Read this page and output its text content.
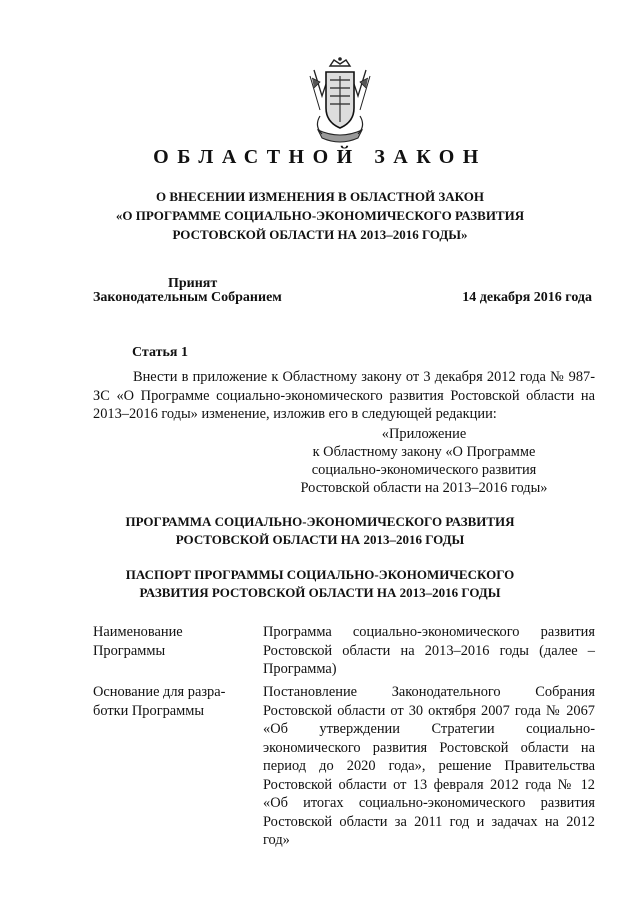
ОБЛАСТНОЙ ЗАКОН
О ВНЕСЕНИИ ИЗМЕНЕНИЯ В ОБЛАСТНОЙ ЗАКОН
«О ПРОГРАММЕ СОЦИАЛЬНО-ЭКОНОМИЧЕСКОГО РАЗВИТИЯ
РОСТОВСКОЙ ОБЛАСТИ НА 2013–2016 ГОДЫ»
Принят
Законодательным Собранием	14 декабря 2016 года
Статья 1
Внести в приложение к Областному закону от 3 декабря 2012 года № 987-ЗС «О Программе социально-экономического развития Ростовской области на 2013–2016 годы» изменение, изложив его в следующей редакции:
«Приложение
к Областному закону «О Программе
социально-экономического развития
Ростовской области на 2013–2016 годы»
ПРОГРАММА СОЦИАЛЬНО-ЭКОНОМИЧЕСКОГО РАЗВИТИЯ
РОСТОВСКОЙ ОБЛАСТИ НА 2013–2016 ГОДЫ
ПАСПОРТ ПРОГРАММЫ СОЦИАЛЬНО-ЭКОНОМИЧЕСКОГО
РАЗВИТИЯ РОСТОВСКОЙ ОБЛАСТИ НА 2013–2016 ГОДЫ
Наименование Программы
Программа социально-экономического развития Ростовской области на 2013–2016 годы (далее – Программа)
Основание для разра-ботки Программы
Постановление Законодательного Собрания Ростовской области от 30 октября 2007 года № 2067 «Об утверждении Стратегии социально-экономического развития Ростовской области на период до 2020 года», решение Правительства Ростовской области от 13 февраля 2012 года № 12 «Об итогах социально-экономического развития Ростовской области за 2011 год и задачах на 2012 год»
